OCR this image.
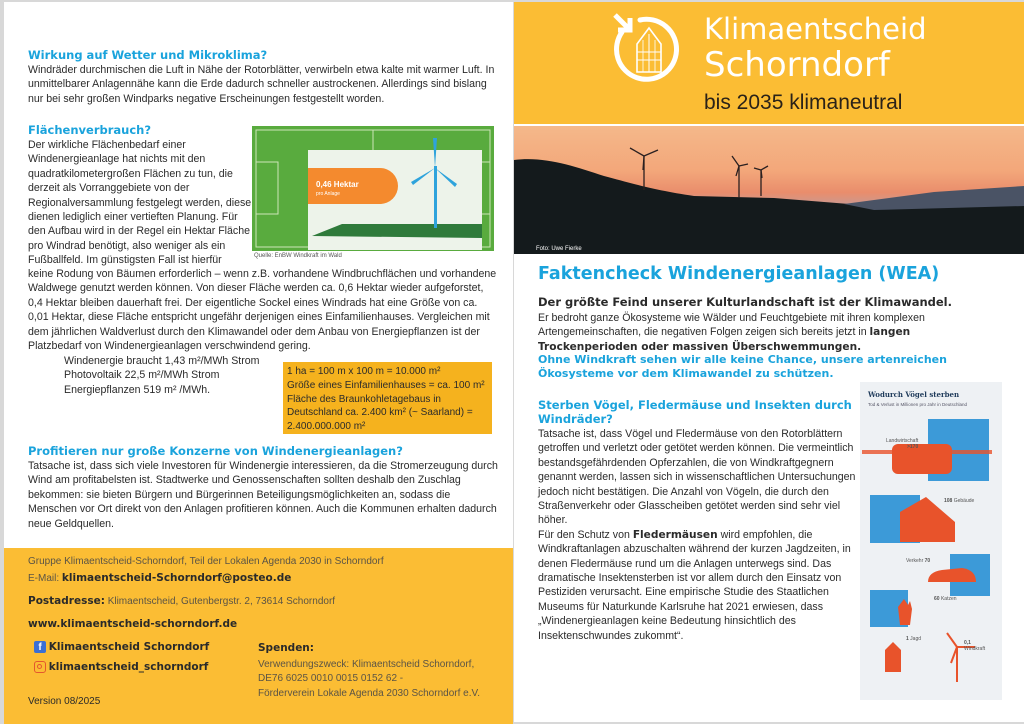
Wirkung auf Wetter und Mikroklima?
Windräder durchmischen die Luft in Nähe der Rotorblätter, verwirbeln etwa kalte mit warmer Luft. In unmittelbarer Anlagennähe kann die Erde dadurch schneller austrockenen. Allerdings sind bislang nur bei sehr großen Windparks negative Erscheinungen festgestellt worden.
Flächenverbrauch?
Der wirkliche Flächenbedarf einer Windenergieanlage hat nichts mit den quadratkilometergroßen Flächen zu tun, die derzeit als Vorranggebiete von der Regionalversammlung festgelegt werden, diese dienen lediglich einer vertieften Planung. Für den Aufbau wird in der Regel ein Hektar Fläche pro Windrad benötigt, also weniger als ein Fußballfeld. Im günstigsten Fall ist hierfür
0,46 Hektar
pro Anlage
Quelle: EnBW Windkraft im Wald
keine Rodung von Bäumen erforderlich – wenn z.B. vorhandene Windbruchflächen und vorhandene Waldwege genutzt werden können. Von dieser Fläche werden ca. 0,6 Hektar wieder aufgeforstet, 0,4 Hektar bleiben dauerhaft frei. Der eigentliche Sockel eines Windrads hat eine Größe von ca. 0,01 Hektar, diese Fläche entspricht ungefähr derjenigen eines Einfamilienhauses. Vergleichen mit dem jährlichen Waldverlust durch den Klimawandel oder dem Anbau von Energiepflanzen ist der Platzbedarf von Windenergieanlagen verschwindend gering.
Windenergie braucht 1,43 m²/MWh Strom
Photovoltaik 22,5 m²/MWh Strom
Energiepflanzen 519 m² /MWh.
1 ha = 100 m x 100 m = 10.000 m²
Größe eines Einfamilienhauses = ca. 100 m²
Fläche des Braunkohletagebaus in Deutschland ca. 2.400 km² (~ Saarland) = 2.400.000.000 m²
Profitieren nur große Konzerne von Windenergieanlagen?
Tatsache ist, dass sich viele Investoren für Windenergie interessieren, da die Stromerzeugung durch Wind am profitabelsten ist. Stadtwerke und Genossenschaften sollten deshalb den Zuschlag bekommen: sie bieten Bürgern und Bürgerinnen Beteiligungsmöglichkeiten an, sodass die Menschen vor Ort direkt von den Anlagen profitieren können. Auch die Kommunen erhalten dadurch neue Geldquellen.
Gruppe Klimaentscheid-Schorndorf, Teil der Lokalen Agenda 2030 in Schorndorf
E-Mail: klimaentscheid-Schorndorf@posteo.de
Postadresse: Klimaentscheid, Gutenbergstr. 2, 73614 Schorndorf
www.klimaentscheid-schorndorf.de
f Klimaentscheid Schorndorf
klimaentscheid_schorndorf
Version 08/2025
Spenden:
Verwendungszweck: Klimaentscheid Schorndorf,
DE76 6025 0010 0015 0152 62 -
Förderverein Lokale Agenda 2030 Schorndorf e.V.
Klimaentscheid
Schorndorf
bis 2035 klimaneutral
Foto: Uwe Fierke
Faktencheck Windenergieanlagen (WEA)
Der größte Feind unserer Kulturlandschaft ist der Klimawandel.
Er bedroht ganze Ökosysteme wie Wälder und Feuchtgebiete mit ihren komplexen Artengemeinschaften, die negativen Folgen zeigen sich bereits jetzt in langen Trockenperioden oder massiven Überschwemmungen.
Ohne Windkraft sehen wir alle keine Chance, unsere artenreichen Ökosysteme vor dem Klimawandel zu schützen.
Sterben Vögel, Fledermäuse und Insekten durch Windräder?
Tatsache ist, dass Vögel und Fledermäuse von den Rotorblättern getroffen und verletzt oder getötet werden können. Die vermeintlich bestandsgefährdenden Opferzahlen, die von Windkraftgegnern genannt werden, lassen sich in wissenschaftlichen Untersuchungen jedoch nicht bestätigen. Die Anzahl von Vögeln, die durch den Straßenverkehr oder Glasscheiben getötet werden sind sehr viel höher.
Für den Schutz von Fledermäusen wird empfohlen, die Windkraftanlagen abzuschalten während der kurzen Jagdzeiten, in denen Fledermäuse rund um die Anlagen unterwegs sind. Das dramatische Insektensterben ist vor allem durch den Einsatz von Pestiziden verursacht. Eine empirische Studie des Staatlichen Museums für Naturkunde Karlsruhe hat 2021 erwiesen, dass „Windenergieanlagen keine Bedeutung hinsichtlich des Insektenschwundes zukommt“.
Wodurch Vögel sterben
Tod & Verlust in Millionen pro Jahr in Deutschland
Landwirtschaft
>170
108 Gebäude
Verkehr 70
60 Katzen
1 Jagd
0,1
Windkraft
